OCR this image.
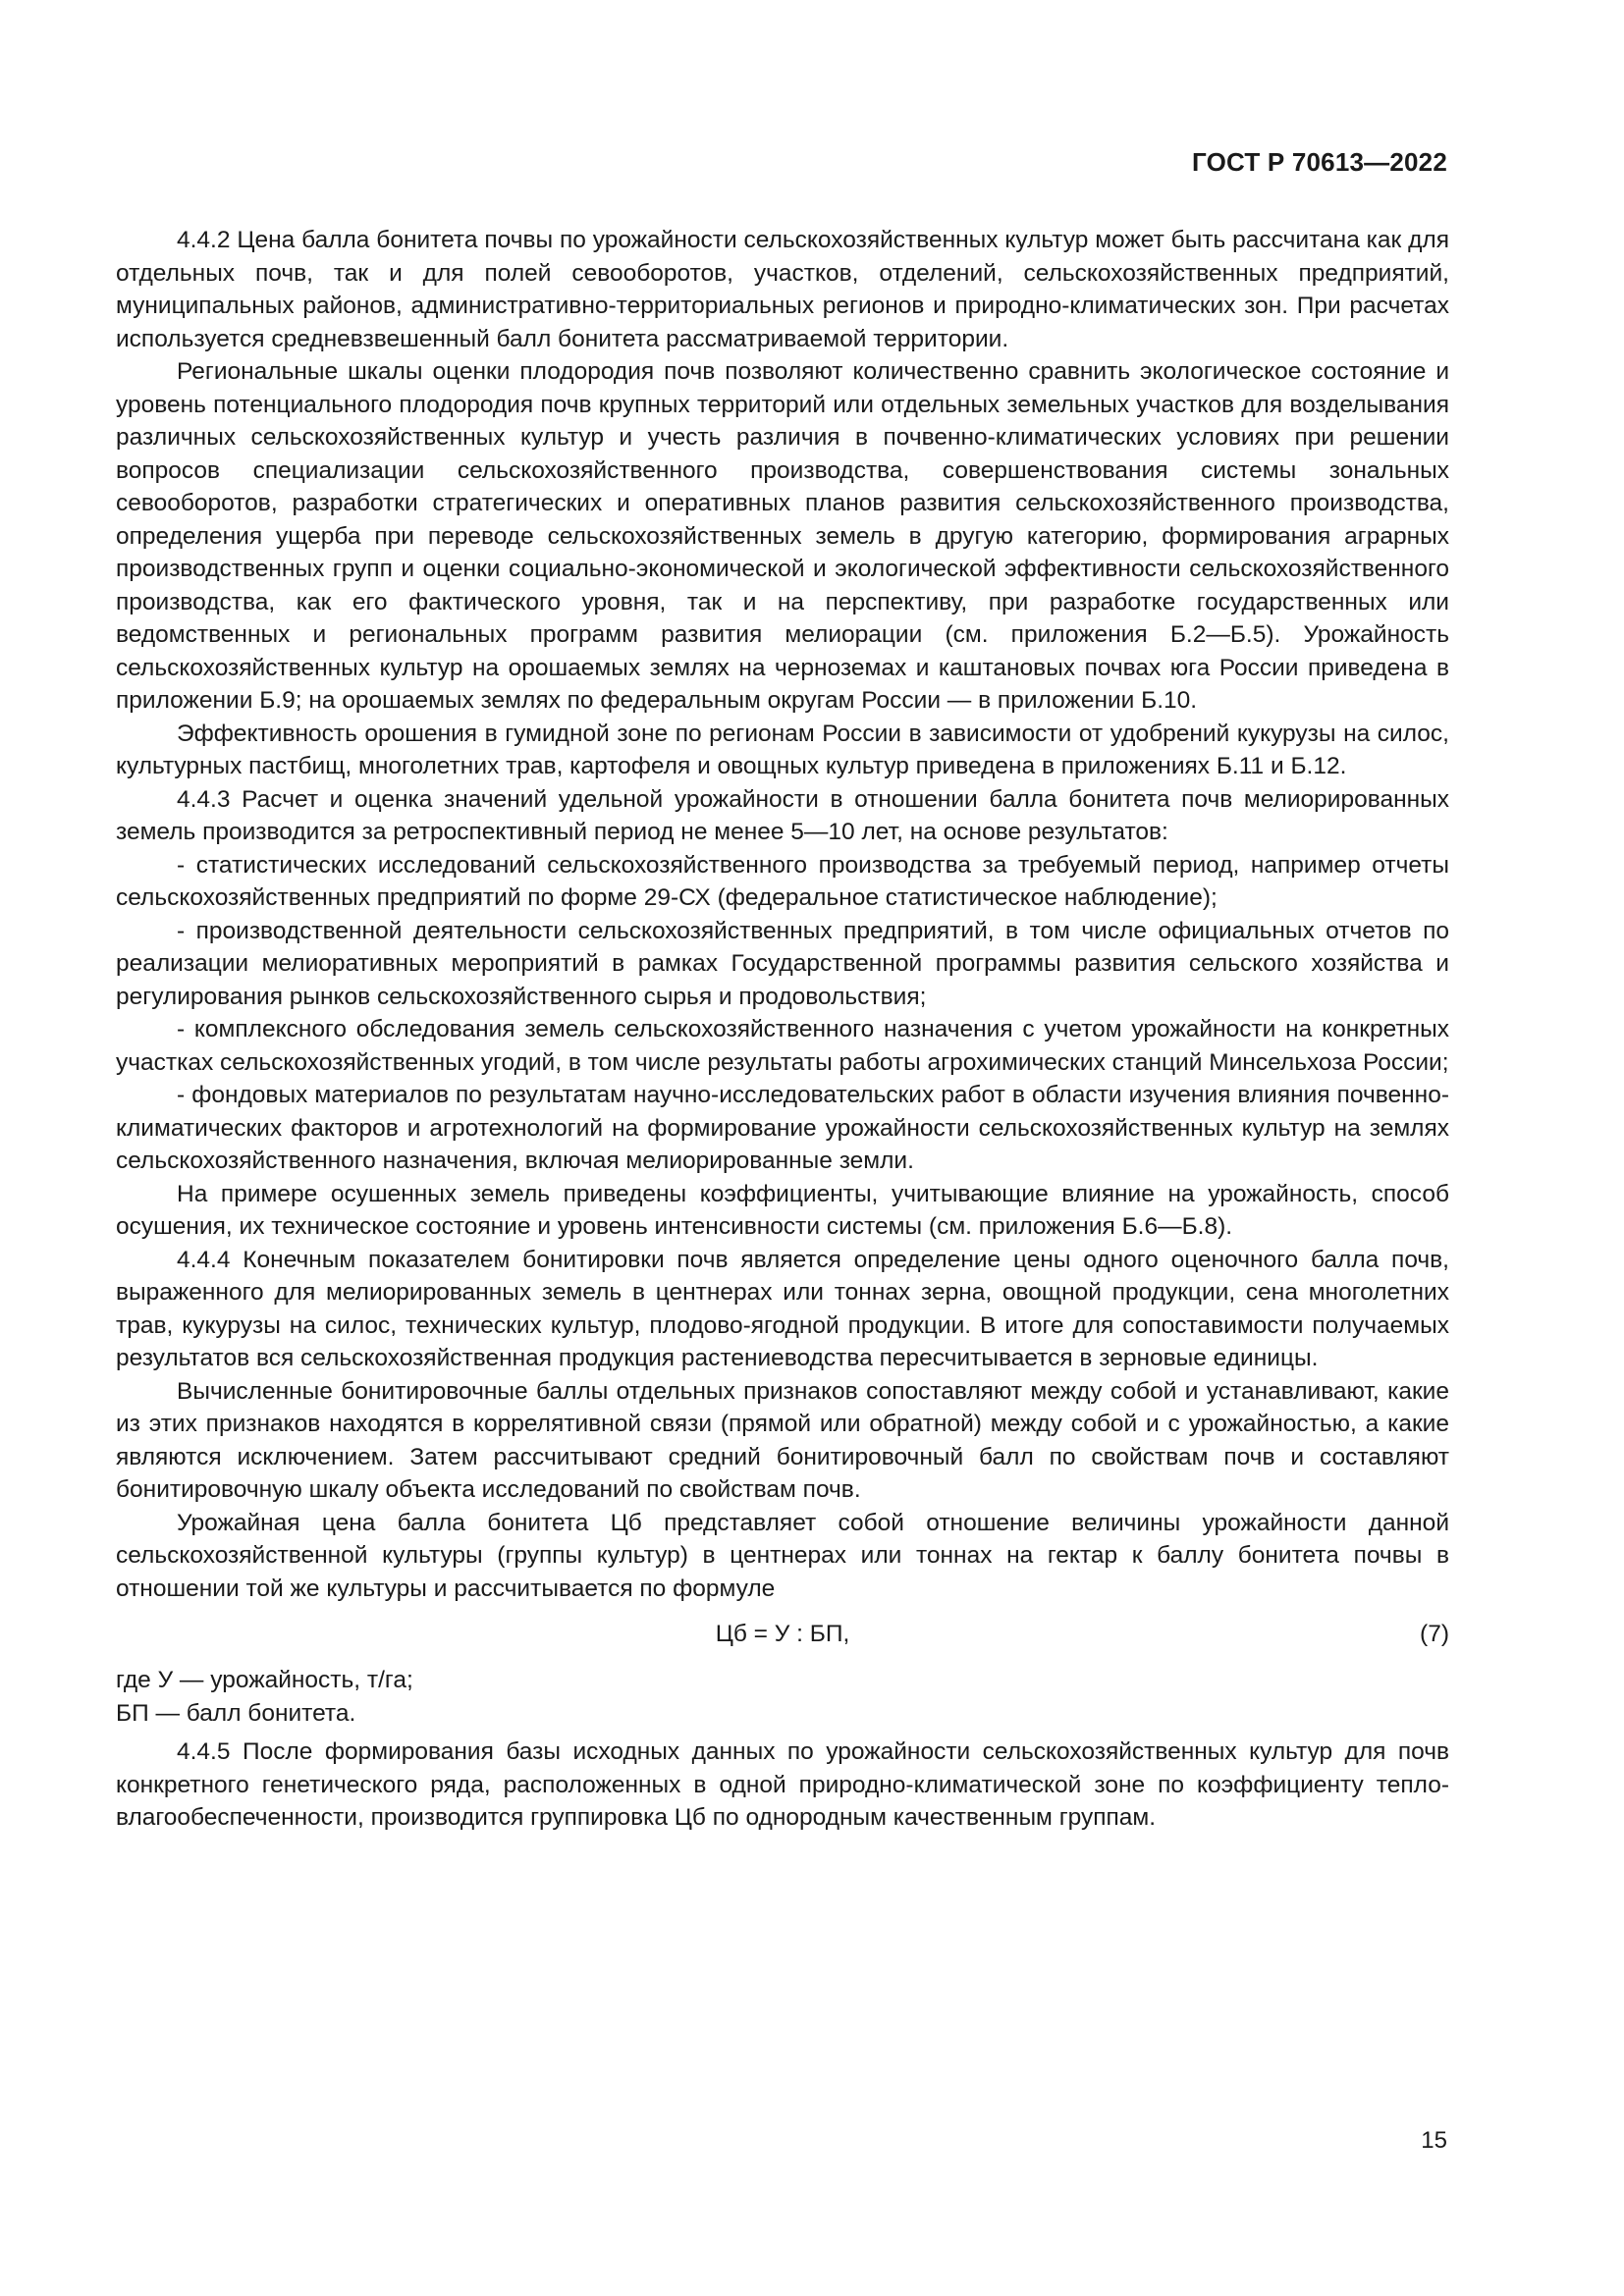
ГОСТ Р 70613—2022

4.4.2 Цена балла бонитета почвы по урожайности сельскохозяйственных культур может быть рассчитана как для отдельных почв, так и для полей севооборотов, участков, отделений, сельскохозяйственных предприятий, муниципальных районов, административно-территориальных регионов и природно-климатических зон. При расчетах используется средневзвешенный балл бонитета рассматриваемой территории.

Региональные шкалы оценки плодородия почв позволяют количественно сравнить экологическое состояние и уровень потенциального плодородия почв крупных территорий или отдельных земельных участков для возделывания различных сельскохозяйственных культур и учесть различия в почвенно-климатических условиях при решении вопросов специализации сельскохозяйственного производства, совершенствования системы зональных севооборотов, разработки стратегических и оперативных планов развития сельскохозяйственного производства, определения ущерба при переводе сельскохозяйственных земель в другую категорию, формирования аграрных производственных групп и оценки социально-экономической и экологической эффективности сельскохозяйственного производства, как его фактического уровня, так и на перспективу, при разработке государственных или ведомственных и региональных программ развития мелиорации (см. приложения Б.2—Б.5). Урожайность сельскохозяйственных культур на орошаемых землях на черноземах и каштановых почвах юга России приведена в приложении Б.9; на орошаемых землях по федеральным округам России — в приложении Б.10.

Эффективность орошения в гумидной зоне по регионам России в зависимости от удобрений кукурузы на силос, культурных пастбищ, многолетних трав, картофеля и овощных культур приведена в приложениях Б.11 и Б.12.

4.4.3 Расчет и оценка значений удельной урожайности в отношении балла бонитета почв мелиорированных земель производится за ретроспективный период не менее 5—10 лет, на основе результатов:

- статистических исследований сельскохозяйственного производства за требуемый период, например отчеты сельскохозяйственных предприятий по форме 29-СХ (федеральное статистическое наблюдение);

- производственной деятельности сельскохозяйственных предприятий, в том числе официальных отчетов по реализации мелиоративных мероприятий в рамках Государственной программы развития сельского хозяйства и регулирования рынков сельскохозяйственного сырья и продовольствия;

- комплексного обследования земель сельскохозяйственного назначения с учетом урожайности на конкретных участках сельскохозяйственных угодий, в том числе результаты работы агрохимических станций Минсельхоза России;

- фондовых материалов по результатам научно-исследовательских работ в области изучения влияния почвенно-климатических факторов и агротехнологий на формирование урожайности сельскохозяйственных культур на землях сельскохозяйственного назначения, включая мелиорированные земли.

На примере осушенных земель приведены коэффициенты, учитывающие влияние на урожайность, способ осушения, их техническое состояние и уровень интенсивности системы (см. приложения Б.6—Б.8).

4.4.4 Конечным показателем бонитировки почв является определение цены одного оценочного балла почв, выраженного для мелиорированных земель в центнерах или тоннах зерна, овощной продукции, сена многолетних трав, кукурузы на силос, технических культур, плодово-ягодной продукции. В итоге для сопоставимости получаемых результатов вся сельскохозяйственная продукция растениеводства пересчитывается в зерновые единицы.

Вычисленные бонитировочные баллы отдельных признаков сопоставляют между собой и устанавливают, какие из этих признаков находятся в коррелятивной связи (прямой или обратной) между собой и с урожайностью, а какие являются исключением. Затем рассчитывают средний бонитировочный балл по свойствам почв и составляют бонитировочную шкалу объекта исследований по свойствам почв.

Урожайная цена балла бонитета Цб представляет собой отношение величины урожайности данной сельскохозяйственной культуры (группы культур) в центнерах или тоннах на гектар к баллу бонитета почвы в отношении той же культуры и рассчитывается по формуле

Цб = У : БП,	(7)

где У — урожайность, т/га;

БП — балл бонитета.

4.4.5 После формирования базы исходных данных по урожайности сельскохозяйственных культур для почв конкретного генетического ряда, расположенных в одной природно-климатической зоне по коэффициенту тепло-влагообеспеченности, производится группировка Цб по однородным качественным группам.

15
